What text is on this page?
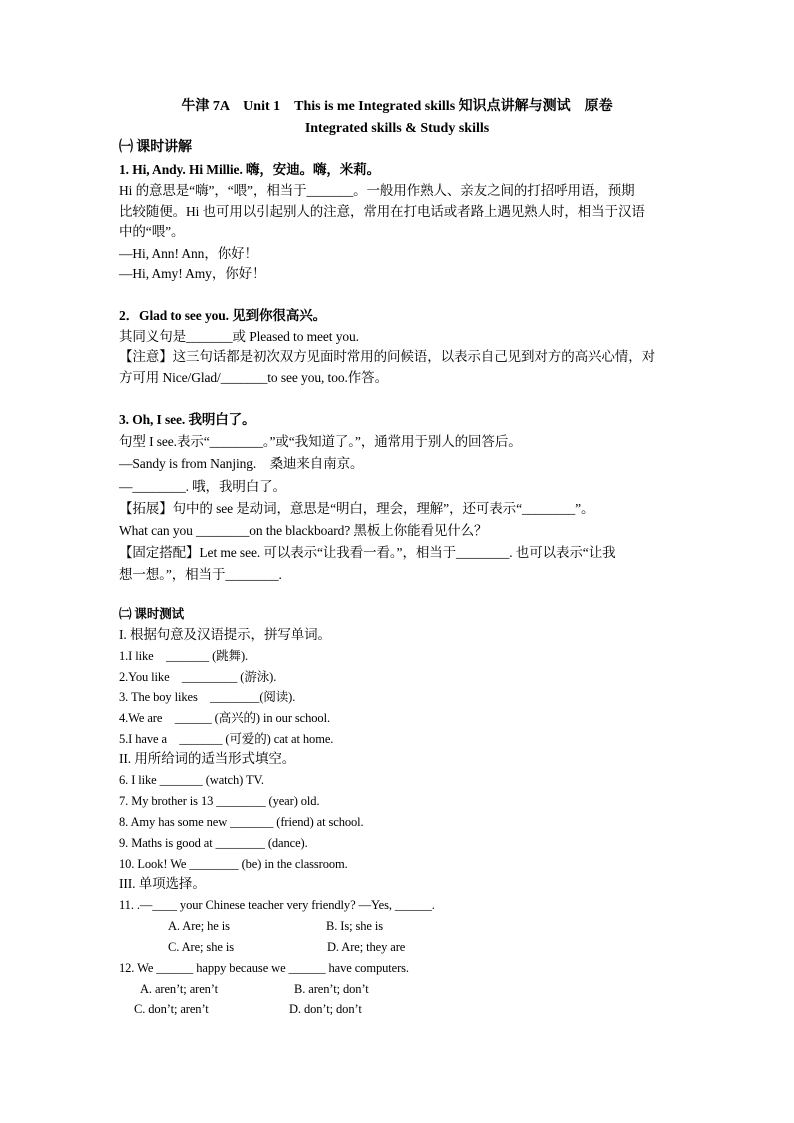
牛津 7A　Unit 1　This is me Integrated skills 知识点讲解与测试　原卷
Integrated skills & Study skills
㈠ 课时讲解
1. Hi, Andy. Hi Millie. 嗨，安迪。嗨，米莉。
Hi 的意思是“嗨”，“喂”，相当于_______。一般用作熟人、亲友之间的打招呼用语，预期
比较随便。Hi 也可用以引起别人的注意，常用在打电话或者路上遇见熟人时，相当于汉语
中的“喂”。
—Hi, Ann! Ann，你好！
—Hi, Amy! Amy，你好！
2．Glad to see you. 见到你很高兴。
其同义句是_______或 Pleased to meet you.
【注意】这三句话都是初次双方见面时常用的问候语，以表示自己见到对方的高兴心情，对
方可用 Nice/Glad/_______to see you, too.作答。
3. Oh, I see. 我明白了。
句型 I see.表示“________。”或“我知道了。”，通常用于别人的回答后。
—Sandy is from Nanjing.　桑迪来自南京。
—________. 哦，我明白了。
【拓展】句中的 see 是动词，意思是“明白，理会，理解”，还可表示“________”。
What can you ________on the blackboard? 黑板上你能看见什么？
【固定搭配】Let me see. 可以表示“让我看一看。”，相当于________. 也可以表示“让我
想一想。”，相当于________.
㈡ 课时测试
I. 根据句意及汉语提示，拼写单词。
1.I like　_______ (跳舞).
2.You like　_________ (游泳).
3. The boy likes　________(阅读).
4.We are　______ (高兴的) in our school.
5.I have a　_______ (可爱的) cat at home.
II. 用所给词的适当形式填空。
6. I like _______ (watch) TV.
7. My brother is 13 ________ (year) old.
8. Amy has some new _______ (friend) at school.
9. Maths is good at ________ (dance).
10. Look! We ________ (be) in the classroom.
III. 单项选择。
11. .—____ your Chinese teacher very friendly? —Yes, ______.
A. Are; he is	B. Is; she is
C. Are; she is	D. Are; they are
12. We ______ happy because we ______ have computers.
A. aren’t; aren’t	B. aren’t; don’t
C. don’t; aren’t	D. don’t; don’t
